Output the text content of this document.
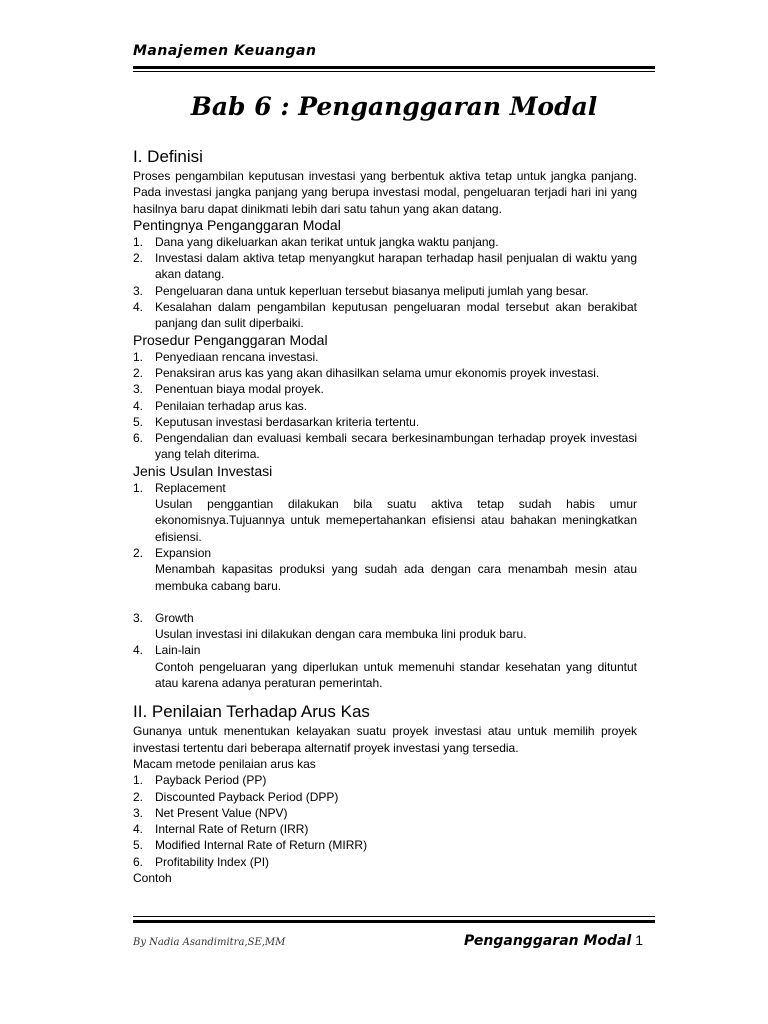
Manajemen Keuangan
Bab 6 : Penganggaran Modal
I. Definisi

Proses pengambilan keputusan investasi yang berbentuk aktiva tetap untuk jangka panjang. Pada investasi jangka panjang yang berupa investasi modal, pengeluaran terjadi hari ini yang hasilnya baru dapat dinikmati lebih dari satu tahun yang akan datang.

Pentingnya Penganggaran Modal
1. Dana yang dikeluarkan akan terikat untuk jangka waktu panjang.
2. Investasi dalam aktiva tetap menyangkut harapan terhadap hasil penjualan di waktu yang akan datang.
3. Pengeluaran dana untuk keperluan tersebut biasanya meliputi jumlah yang besar.
4. Kesalahan dalam pengambilan keputusan pengeluaran modal tersebut akan berakibat panjang dan sulit diperbaiki.
Prosedur Penganggaran Modal
1. Penyediaan rencana investasi.
2. Penaksiran arus kas yang akan dihasilkan selama umur ekonomis proyek investasi.
3. Penentuan biaya modal proyek.
4. Penilaian terhadap arus kas.
5. Keputusan investasi berdasarkan kriteria tertentu.
6. Pengendalian dan evaluasi kembali secara berkesinambungan terhadap proyek investasi yang telah diterima.
Jenis Usulan Investasi
1. Replacement
Usulan penggantian dilakukan bila suatu aktiva tetap sudah habis umur ekonomisnya.Tujuannya untuk memepertahankan efisiensi atau bahakan meningkatkan efisiensi.
2. Expansion
Menambah kapasitas produksi yang sudah ada dengan cara menambah mesin atau membuka cabang baru.
3. Growth
Usulan investasi ini dilakukan dengan cara membuka lini produk baru.
4. Lain-lain
Contoh pengeluaran yang diperlukan untuk memenuhi standar kesehatan yang dituntut atau karena adanya peraturan pemerintah.
II. Penilaian Terhadap Arus Kas

Gunanya untuk menentukan kelayakan suatu proyek investasi atau untuk memilih proyek investasi tertentu dari beberapa alternatif proyek investasi yang tersedia.

Macam metode penilaian arus kas

1. Payback Period (PP)
2. Discounted Payback Period (DPP)
3. Net Present Value (NPV)
4. Internal Rate of Return (IRR)
5. Modified Internal Rate of Return (MIRR)
6. Profitability Index (PI)

Contoh

By Nadia Asandimitra,SE,MM	Penganggaran Modal 1
